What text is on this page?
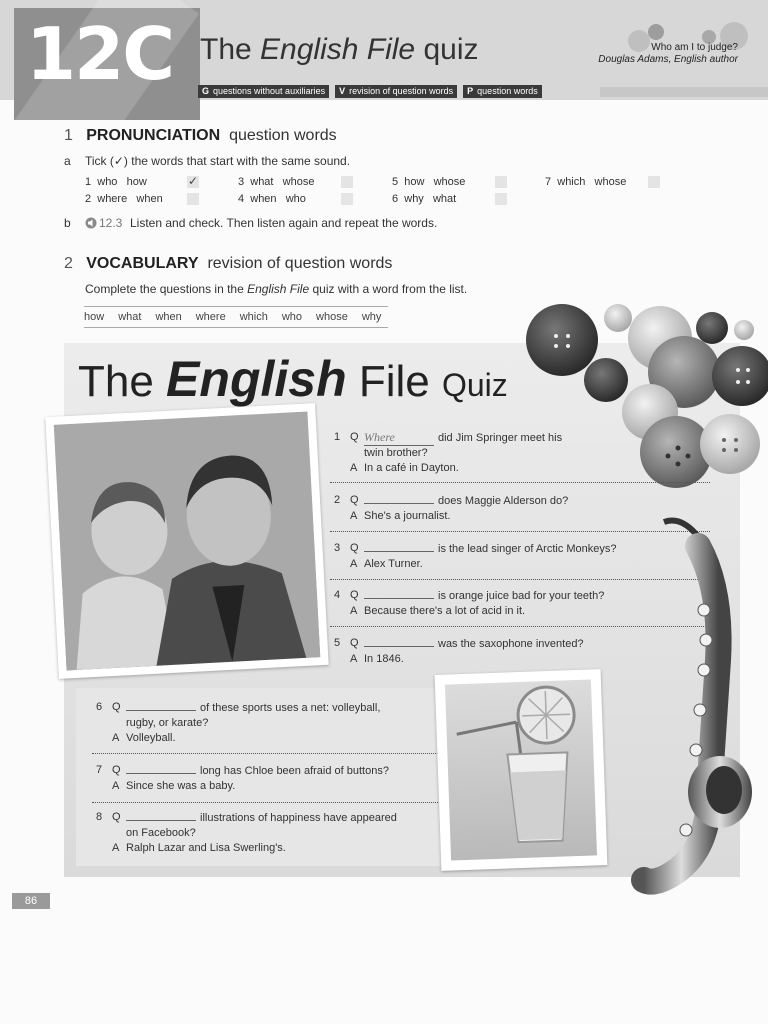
12C The English File quiz	Who am I to judge?
Douglas Adams, English author
G questions without auxiliaries	V revision of question words	P question words
1 PRONUNCIATION question words
a Tick (✓) the words that start with the same sound.
1 who how	✓
2 where when
3 what whose
4 when who
5 how whose
6 why what
7 which whose
b 12.3 Listen and check. Then listen again and repeat the words.
2 VOCABULARY revision of question words
Complete the questions in the English File quiz with a word from the list.
how what when where which who whose why
The English File Quiz
1 Q Where	did Jim Springer meet his
twin brother?
A In a café in Dayton.
2 Q	does Maggie Alderson do?
A She's a journalist.
3 Q	is the lead singer of Arctic Monkeys?
A Alex Turner.
4 Q	is orange juice bad for your teeth?
A Because there's a lot of acid in it.
5 Q	was the saxophone invented?
A In 1846.
6 Q	of these sports uses a net: volleyball,
rugby, or karate?
A Volleyball.
7 Q	long has Chloe been afraid of buttons?
A Since she was a baby.
8 Q	illustrations of happiness have appeared
on Facebook?
A Ralph Lazar and Lisa Swerling's.
86
